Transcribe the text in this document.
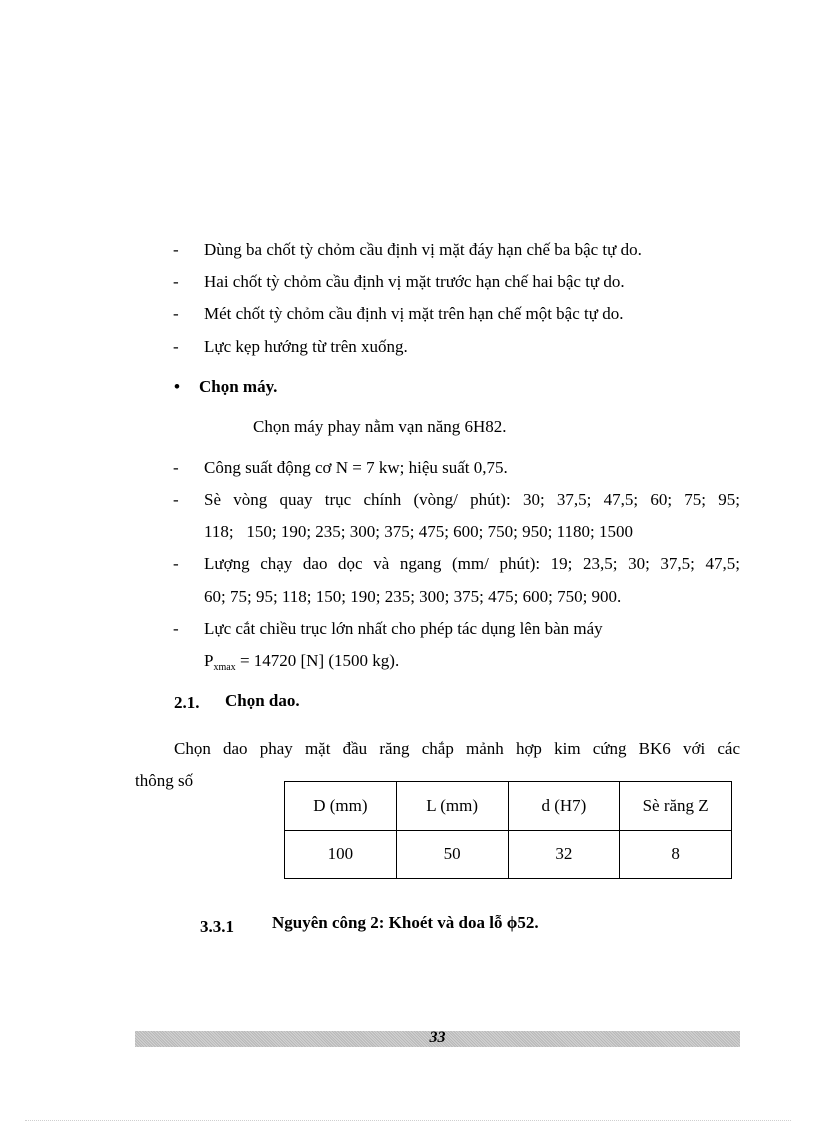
- Dùng ba chốt tỳ chỏm cầu định vị mặt đáy hạn chế ba bậc tự do.
- Hai chốt tỳ chỏm cầu định vị mặt trước hạn chế hai bậc tự do.
- Mét chốt tỳ chỏm cầu định vị mặt trên hạn chế một bậc tự do.
- Lực kẹp hướng từ trên xuống.
• Chọn máy.
Chọn máy phay nằm vạn năng 6H82.
- Công suất động cơ N = 7 kw; hiệu suất 0,75.
- Sè vòng quay trục chính (vòng/ phút): 30; 37,5; 47,5; 60; 75; 95;
118;   150; 190; 235; 300; 375; 475; 600; 750; 950; 1180; 1500
- Lượng chạy dao dọc và ngang (mm/ phút): 19; 23,5; 30; 37,5; 47,5;
60; 75; 95; 118; 150; 190; 235; 300; 375; 475; 600; 750; 900.
- Lực cắt chiều trục lớn nhất cho phép tác dụng lên bàn máy
$P_{xmax} = 14720$ [N] (1500 kg).
2.1. Chọn dao.
Chọn dao phay mặt đầu răng chắp mảnh hợp kim cứng BK6 với các
thông số
D (mm)	L (mm)	d (H7)	Sè răng Z
100	50	32	8
3.3.1 Nguyên công 2: Khoét và doa lỗ ϕ52.
33
